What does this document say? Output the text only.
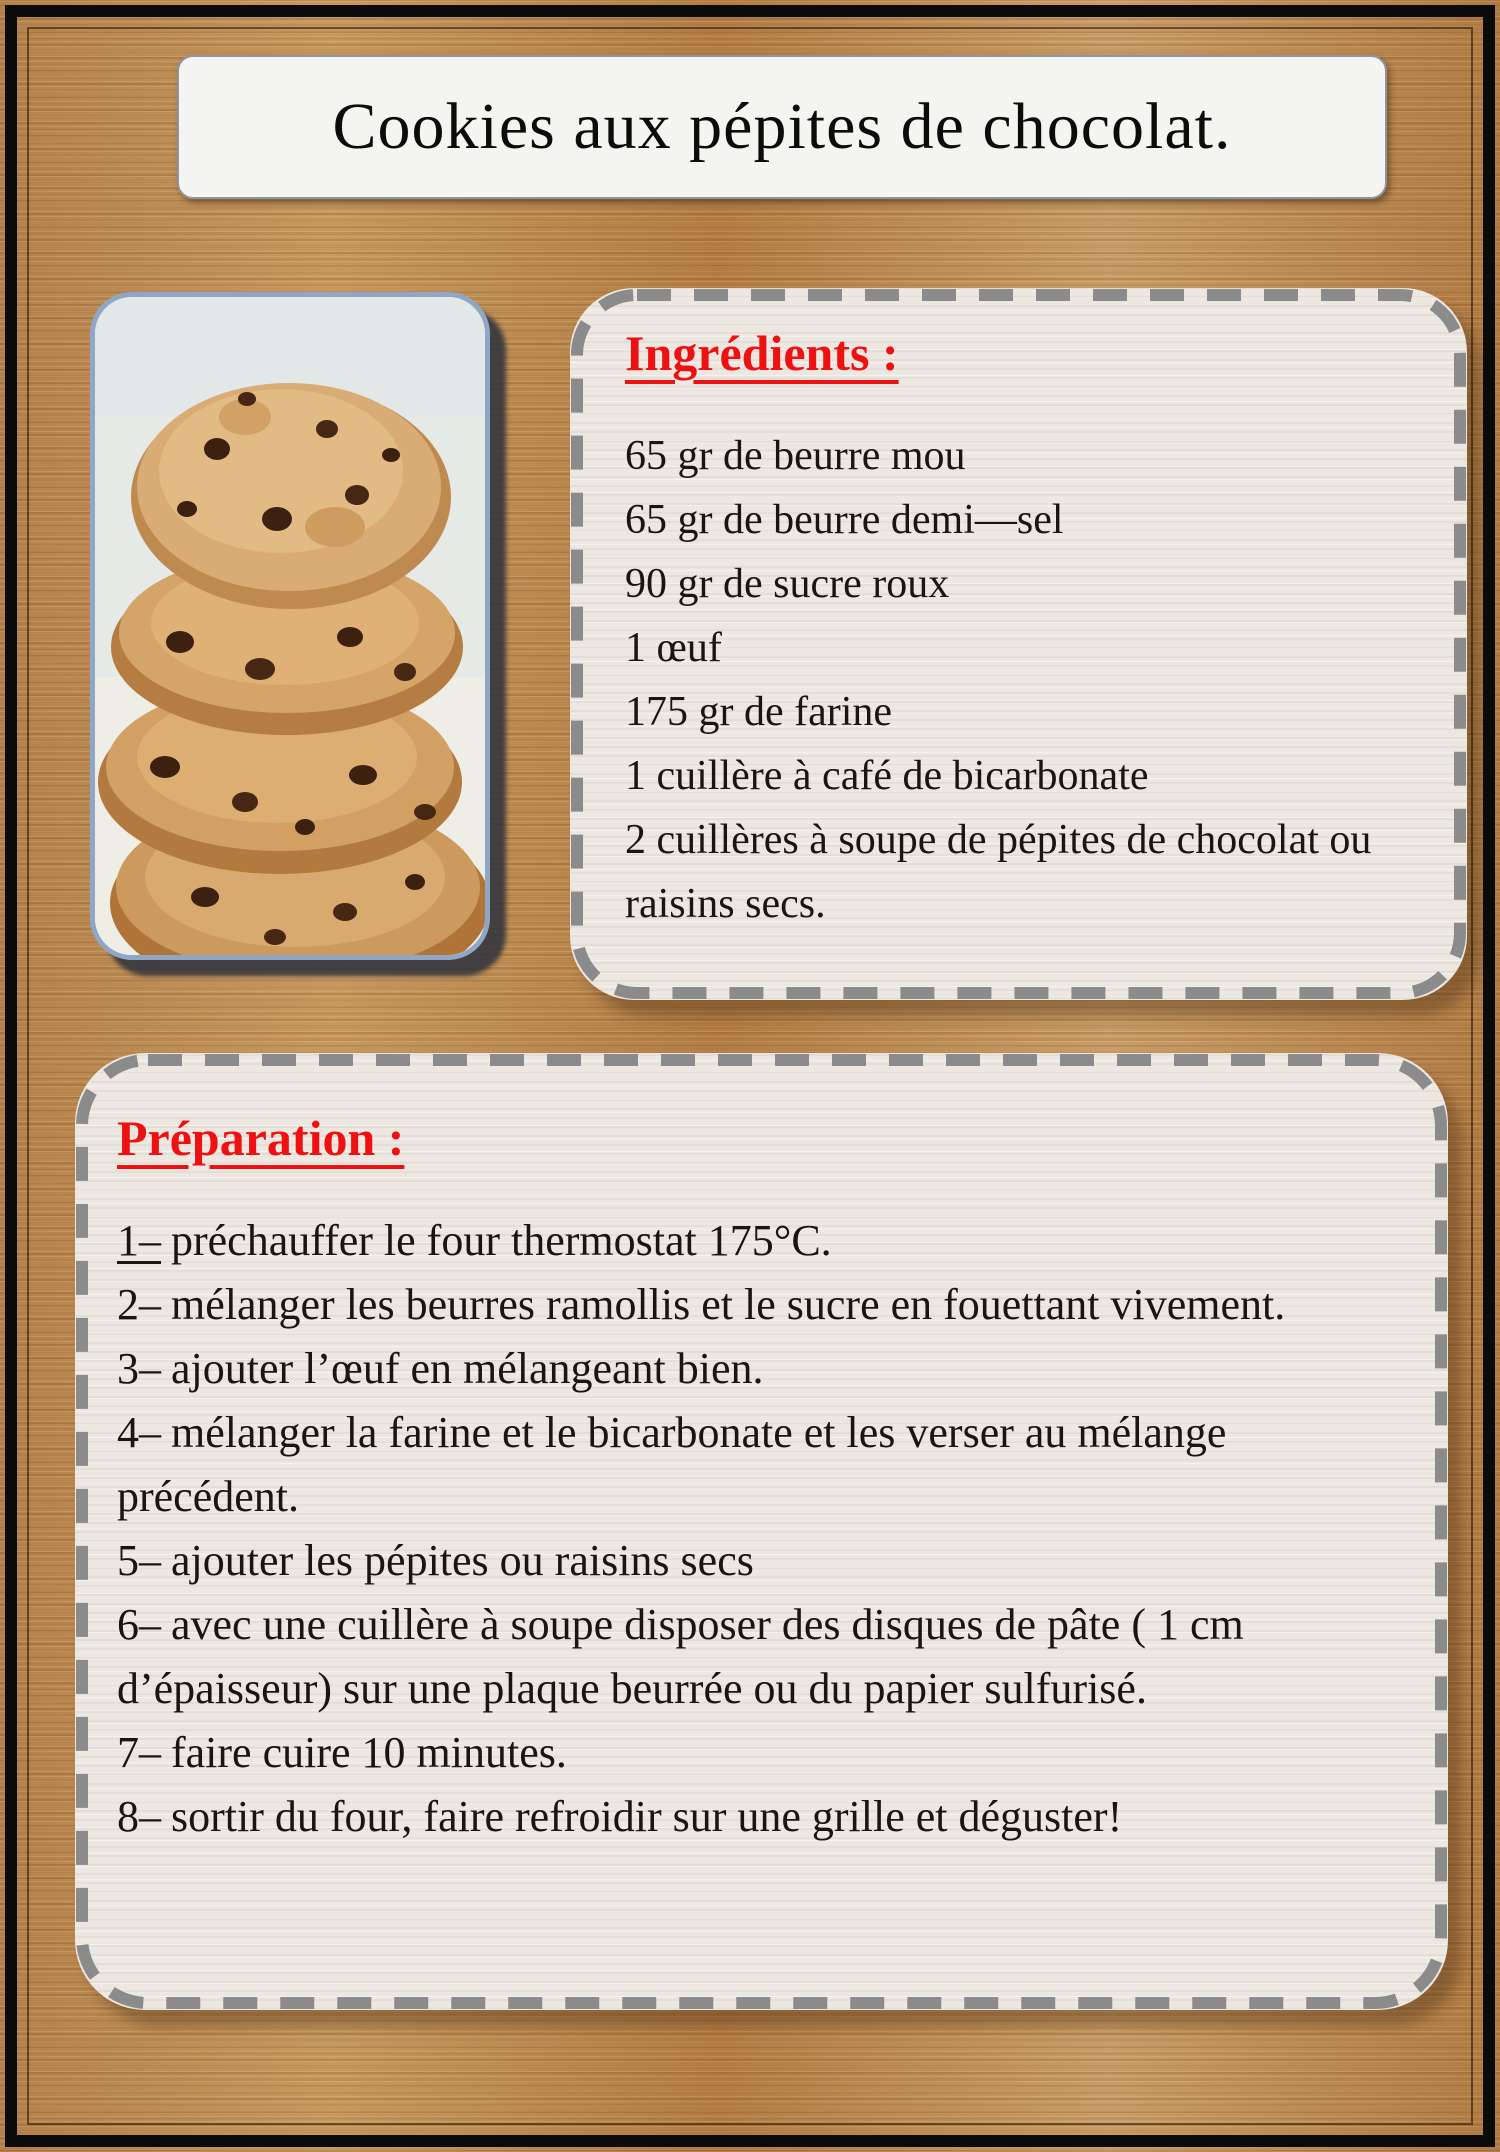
Cookies aux pépites de chocolat.
Ingrédients :
65 gr de beurre mou
65 gr de beurre demi—sel
90 gr de sucre roux
1 œuf
175 gr de farine
1 cuillère à café de bicarbonate
2 cuillères à soupe de pépites de chocolat ou raisins secs.
Préparation :
1– préchauffer le four thermostat 175°C.
2– mélanger les beurres ramollis et le sucre en fouettant vivement.
3– ajouter l’œuf en mélangeant bien.
4– mélanger la farine et le bicarbonate et les verser au mélange précédent.
5– ajouter les pépites ou raisins secs
6– avec une cuillère à soupe disposer des disques de pâte ( 1 cm d’épaisseur) sur une plaque beurrée ou du papier sulfurisé.
7– faire cuire 10 minutes.
8– sortir du four, faire refroidir sur une grille et déguster!
